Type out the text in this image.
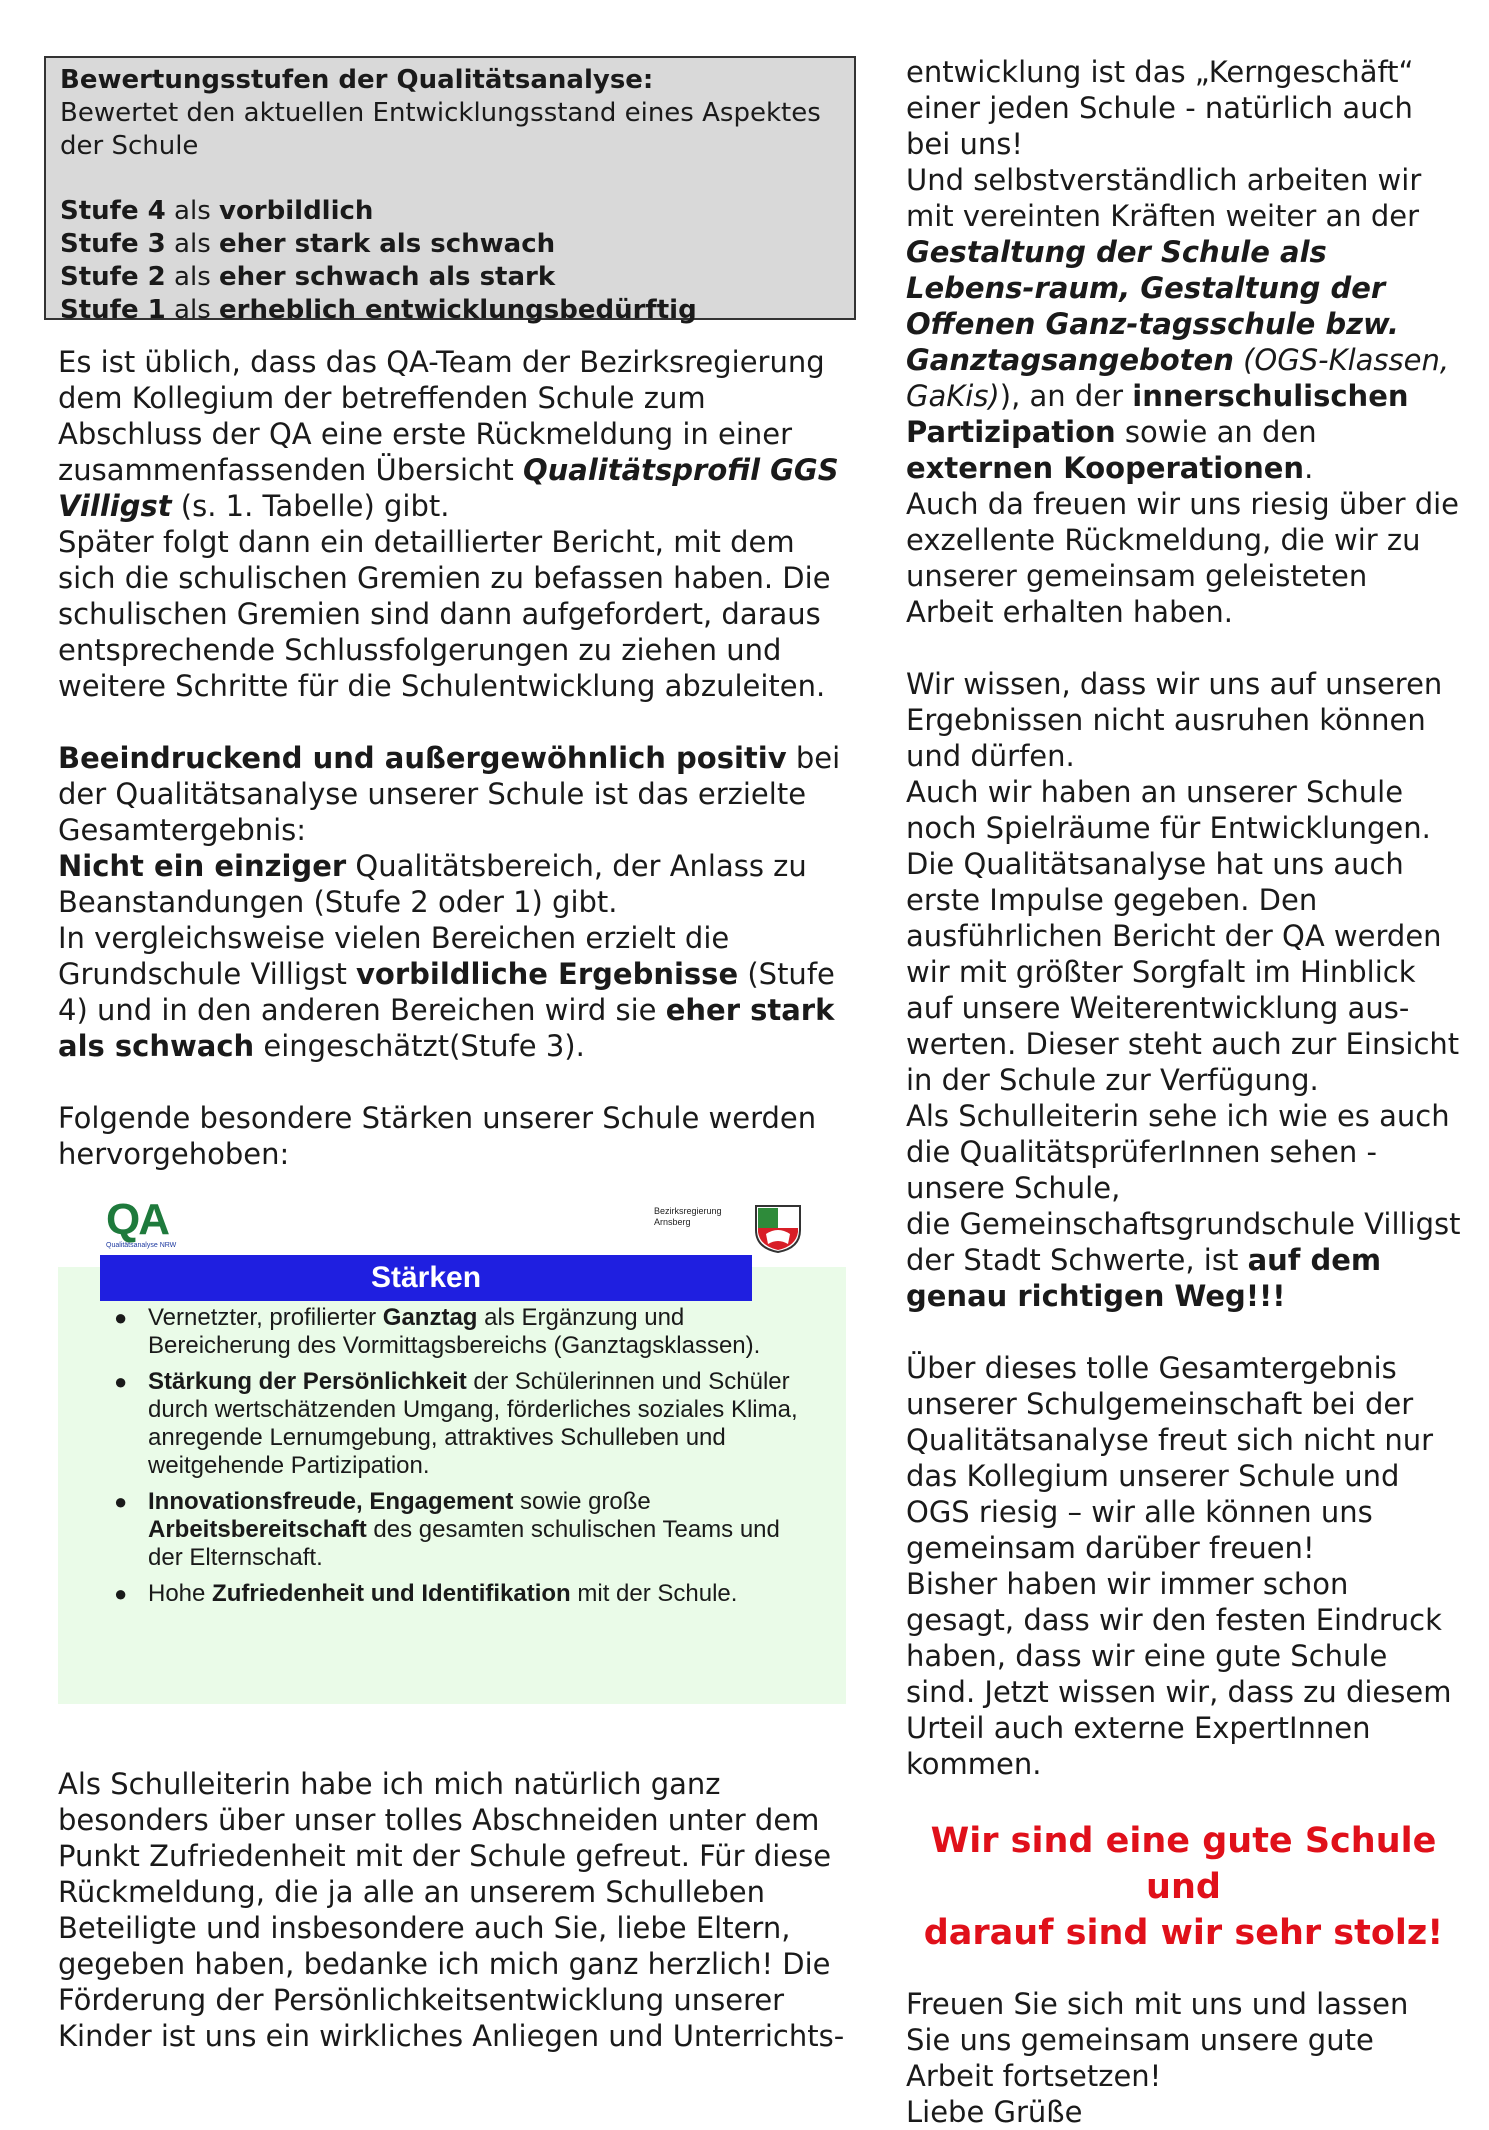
Bewertungsstufen der Qualitätsanalyse:

Bewertet den aktuellen Entwicklungsstand eines Aspektes der Schule

Stufe 4 als vorbildlich

Stufe 3 als eher stark als schwach

Stufe 2 als eher schwach als stark

Stufe 1 als erheblich entwicklungsbedürftig

Es ist üblich, dass das QA-Team der Bezirksregierung dem Kollegium der betreffenden Schule zum Abschluss der QA eine erste Rückmeldung in einer zusammenfassenden Übersicht Qualitätsprofil GGS Villigst (s. 1. Tabelle) gibt.
Später folgt dann ein detaillierter Bericht, mit dem sich die schulischen Gremien zu befassen haben. Die schulischen Gremien sind dann aufgefordert, daraus entsprechende Schlussfolgerungen zu ziehen und weitere Schritte für die Schulentwicklung abzuleiten.

Beeindruckend und außergewöhnlich positiv bei der Qualitätsanalyse unserer Schule ist das erzielte Gesamtergebnis:
Nicht ein einziger Qualitätsbereich, der Anlass zu Beanstandungen (Stufe 2 oder 1) gibt.
In vergleichsweise vielen Bereichen erzielt die Grundschule Villigst vorbildliche Ergebnisse (Stufe 4) und in den anderen Bereichen wird sie eher stark als schwach eingeschätzt(Stufe 3).

Folgende besondere Stärken unserer Schule werden hervorgehoben:

Als Schulleiterin habe ich mich natürlich ganz besonders über unser tolles Abschneiden unter dem Punkt Zufriedenheit mit der Schule gefreut. Für diese Rückmeldung, die ja alle an unserem Schulleben Beteiligte und insbesondere auch Sie, liebe Eltern, gegeben haben, bedanke ich mich ganz herzlich! Die Förderung der Persönlichkeitsentwicklung unserer Kinder ist uns ein wirkliches Anliegen und Unterrichts-

QA
Qualitätsanalyse NRW
Bezirksregierung
Arnsberg
Stärken
● Vernetzter, profilierter Ganztag als Ergänzung und Bereicherung des Vormittagsbereichs (Ganztagsklassen).
● Stärkung der Persönlichkeit der Schülerinnen und Schüler durch wertschätzenden Umgang, förderliches soziales Klima, anregende Lernumgebung, attraktives Schulleben und weitgehende Partizipation.
● Innovationsfreude, Engagement sowie große Arbeitsbereitschaft des gesamten schulischen Teams und der Elternschaft.
● Hohe Zufriedenheit und Identifikation mit der Schule.

entwicklung ist das „Kerngeschäft“ einer jeden Schule - natürlich auch bei uns!
Und selbstverständlich arbeiten wir mit vereinten Kräften weiter an der Gestaltung der Schule als Lebens-raum, Gestaltung der Offenen Ganz-tagsschule bzw. Ganztagsangeboten (OGS-Klassen, GaKis)), an der innerschulischen Partizipation sowie an den externen Kooperationen.
Auch da freuen wir uns riesig über die exzellente Rückmeldung, die wir zu unserer gemeinsam geleisteten Arbeit erhalten haben.

Wir wissen, dass wir uns auf unseren Ergebnissen nicht ausruhen können und dürfen.
Auch wir haben an unserer Schule noch Spielräume für Entwicklungen. Die Qualitätsanalyse hat uns auch erste Impulse gegeben. Den ausführlichen Bericht der QA werden wir mit größter Sorgfalt im Hinblick auf unsere Weiterentwicklung aus-werten. Dieser steht auch zur Einsicht in der Schule zur Verfügung.
Als Schulleiterin sehe ich wie es auch die QualitätsprüferInnen sehen - unsere Schule,
die Gemeinschaftsgrundschule Villigst der Stadt Schwerte, ist auf dem genau richtigen Weg!!!

Über dieses tolle Gesamtergebnis unserer Schulgemeinschaft bei der Qualitätsanalyse freut sich nicht nur das Kollegium unserer Schule und OGS riesig – wir alle können uns gemeinsam darüber freuen!
Bisher haben wir immer schon gesagt, dass wir den festen Eindruck haben, dass wir eine gute Schule sind. Jetzt wissen wir, dass zu diesem Urteil auch externe ExpertInnen kommen.

Wir sind eine gute Schule und

darauf sind wir sehr stolz!

Freuen Sie sich mit uns und lassen Sie uns gemeinsam unsere gute Arbeit fortsetzen!
Liebe Grüße
